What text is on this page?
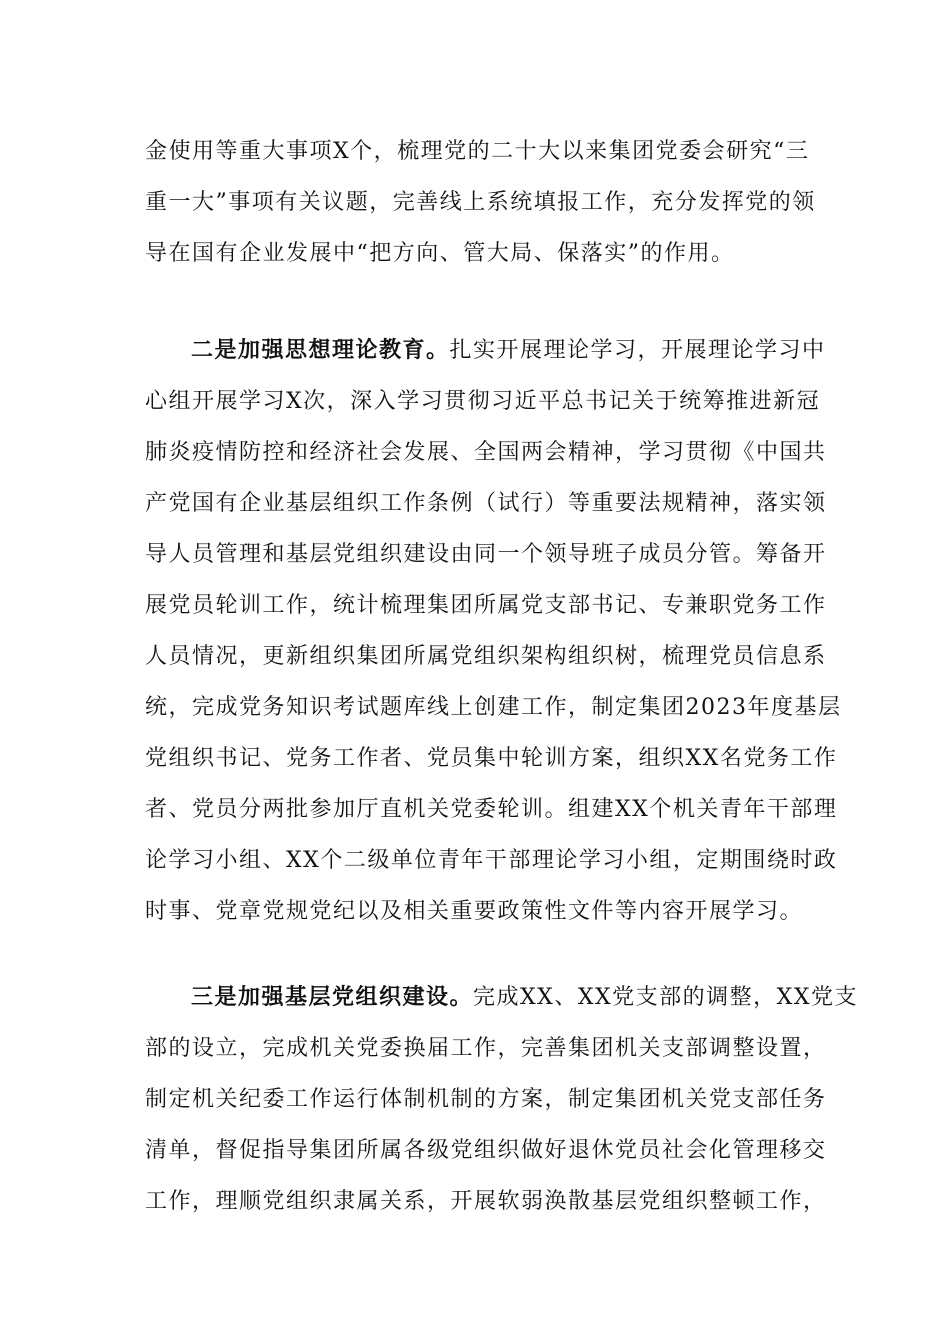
金使用等重大事项X个，梳理党的二十大以来集团党委会研究“三
重一大”事项有关议题，完善线上系统填报工作，充分发挥党的领
导在国有企业发展中“把方向、管大局、保落实”的作用。
二是加强思想理论教育。扎实开展理论学习，开展理论学习中
心组开展学习X次，深入学习贯彻习近平总书记关于统筹推进新冠
肺炎疫情防控和经济社会发展、全国两会精神，学习贯彻《中国共
产党国有企业基层组织工作条例（试行）等重要法规精神，落实领
导人员管理和基层党组织建设由同一个领导班子成员分管。筹备开
展党员轮训工作，统计梳理集团所属党支部书记、专兼职党务工作
人员情况，更新组织集团所属党组织架构组织树，梳理党员信息系
统，完成党务知识考试题库线上创建工作，制定集团2023年度基层
党组织书记、党务工作者、党员集中轮训方案，组织XX名党务工作
者、党员分两批参加厅直机关党委轮训。组建XX个机关青年干部理
论学习小组、XX个二级单位青年干部理论学习小组，定期围绕时政
时事、党章党规党纪以及相关重要政策性文件等内容开展学习。
三是加强基层党组织建设。完成XX、XX党支部的调整，XX党支
部的设立，完成机关党委换届工作，完善集团机关支部调整设置，
制定机关纪委工作运行体制机制的方案，制定集团机关党支部任务
清单，督促指导集团所属各级党组织做好退休党员社会化管理移交
工作，理顺党组织隶属关系，开展软弱涣散基层党组织整顿工作，
